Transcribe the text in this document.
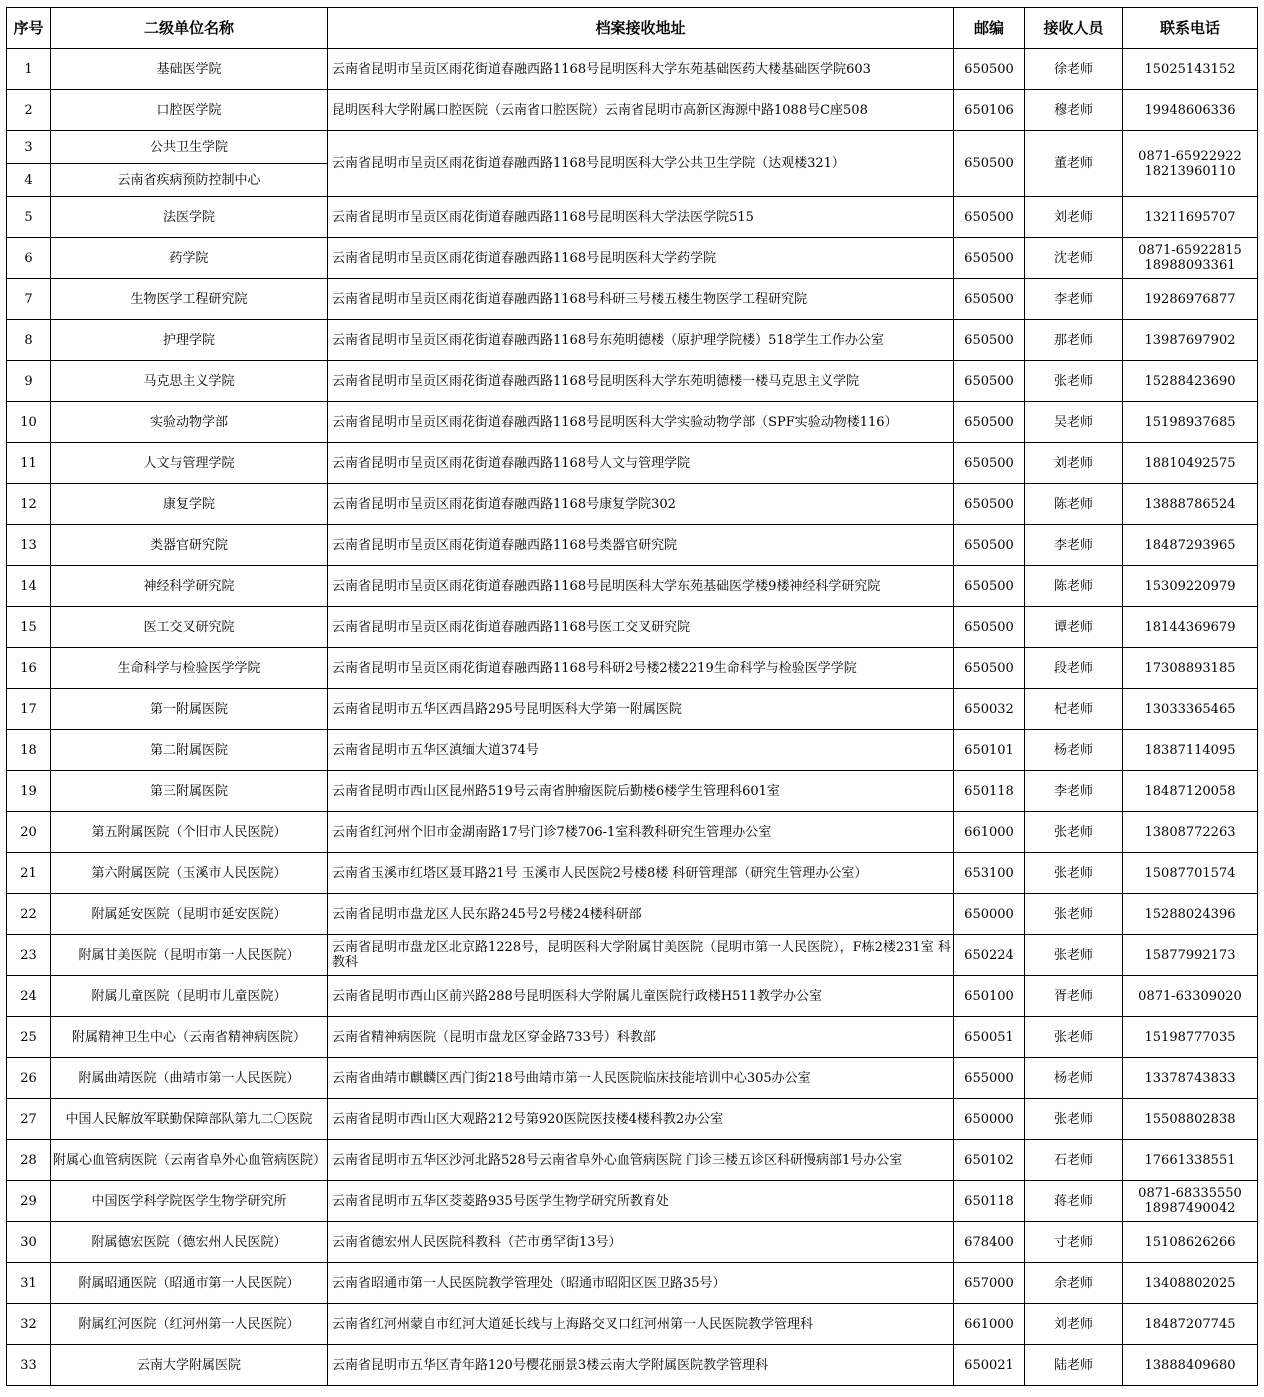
序号	二级单位名称	档案接收地址	邮编	接收人员	联系电话
1	基础医学院	云南省昆明市呈贡区雨花街道春融西路1168号昆明医科大学东苑基础医药大楼基础医学院603	650500	徐老师	15025143152

2	口腔医学院	昆明医科大学附属口腔医院（云南省口腔医院）云南省昆明市高新区海源中路1088号C座508	650106	穆老师	19948606336

3	公共卫生学院	云南省昆明市呈贡区雨花街道春融西路1168号昆明医科大学公共卫生学院（达观楼321）	650500	董老师	0871-65922922
18213960110

4	云南省疾病预防控制中心				
5	法医学院	云南省昆明市呈贡区雨花街道春融西路1168号昆明医科大学法医学院515	650500	刘老师	13211695707

6	药学院	云南省昆明市呈贡区雨花街道春融西路1168号昆明医科大学药学院	650500	沈老师	0871-65922815
18988093361

7	生物医学工程研究院	云南省昆明市呈贡区雨花街道春融西路1168号科研三号楼五楼生物医学工程研究院	650500	李老师	19286976877

8	护理学院	云南省昆明市呈贡区雨花街道春融西路1168号东苑明德楼（原护理学院楼）518学生工作办公室	650500	那老师	13987697902

9	马克思主义学院	云南省昆明市呈贡区雨花街道春融西路1168号昆明医科大学东苑明德楼一楼马克思主义学院	650500	张老师	15288423690

10	实验动物学部	云南省昆明市呈贡区雨花街道春融西路1168号昆明医科大学实验动物学部（SPF实验动物楼116）	650500	吴老师	15198937685

11	人文与管理学院	云南省昆明市呈贡区雨花街道春融西路1168号人文与管理学院	650500	刘老师	18810492575

12	康复学院	云南省昆明市呈贡区雨花街道春融西路1168号康复学院302	650500	陈老师	13888786524

13	类器官研究院	云南省昆明市呈贡区雨花街道春融西路1168号类器官研究院	650500	李老师	18487293965

14	神经科学研究院	云南省昆明市呈贡区雨花街道春融西路1168号昆明医科大学东苑基础医学楼9楼神经科学研究院	650500	陈老师	15309220979

15	医工交叉研究院	云南省昆明市呈贡区雨花街道春融西路1168号医工交叉研究院	650500	谭老师	18144369679

16	生命科学与检验医学学院	云南省昆明市呈贡区雨花街道春融西路1168号科研2号楼2楼2219生命科学与检验医学学院	650500	段老师	17308893185

17	第一附属医院	云南省昆明市五华区西昌路295号昆明医科大学第一附属医院	650032	杞老师	13033365465

18	第二附属医院	云南省昆明市五华区滇缅大道374号	650101	杨老师	18387114095

19	第三附属医院	云南省昆明市西山区昆州路519号云南省肿瘤医院后勤楼6楼学生管理科601室	650118	李老师	18487120058

20	第五附属医院（个旧市人民医院）	云南省红河州个旧市金湖南路17号门诊7楼706-1室科教科研究生管理办公室	661000	张老师	13808772263

21	第六附属医院（玉溪市人民医院）	云南省玉溪市红塔区聂耳路21号 玉溪市人民医院2号楼8楼 科研管理部（研究生管理办公室）	653100	张老师	15087701574

22	附属延安医院（昆明市延安医院）	云南省昆明市盘龙区人民东路245号2号楼24楼科研部	650000	张老师	15288024396

23	附属甘美医院（昆明市第一人民医院）	云南省昆明市盘龙区北京路1228号，昆明医科大学附属甘美医院（昆明市第一人民医院），F栋2楼231室 科教科	650224	张老师	15877992173

24	附属儿童医院（昆明市儿童医院）	云南省昆明市西山区前兴路288号昆明医科大学附属儿童医院行政楼H511教学办公室	650100	胥老师	0871-63309020

25	附属精神卫生中心（云南省精神病医院）	云南省精神病医院（昆明市盘龙区穿金路733号）科教部	650051	张老师	15198777035

26	附属曲靖医院（曲靖市第一人民医院）	云南省曲靖市麒麟区西门街218号曲靖市第一人民医院临床技能培训中心305办公室	655000	杨老师	13378743833

27	中国人民解放军联勤保障部队第九二〇医院	云南省昆明市西山区大观路212号第920医院医技楼4楼科教2办公室	650000	张老师	15508802838

28	附属心血管病医院（云南省阜外心血管病医院）	云南省昆明市五华区沙河北路528号云南省阜外心血管病医院 门诊三楼五诊区科研慢病部1号办公室	650102	石老师	17661338551

29	中国医学科学院医学生物学研究所	云南省昆明市五华区茭菱路935号医学生物学研究所教育处	650118	蒋老师	0871-68335550
18987490042

30	附属德宏医院（德宏州人民医院）	云南省德宏州人民医院科教科（芒市勇罕街13号）	678400	寸老师	15108626266

31	附属昭通医院（昭通市第一人民医院）	云南省昭通市第一人民医院教学管理处（昭通市昭阳区医卫路35号）	657000	余老师	13408802025

32	附属红河医院（红河州第一人民医院）	云南省红河州蒙自市红河大道延长线与上海路交叉口红河州第一人民医院教学管理科	661000	刘老师	18487207745

33	云南大学附属医院	云南省昆明市五华区青年路120号樱花丽景3楼云南大学附属医院教学管理科	650021	陆老师	13888409680
